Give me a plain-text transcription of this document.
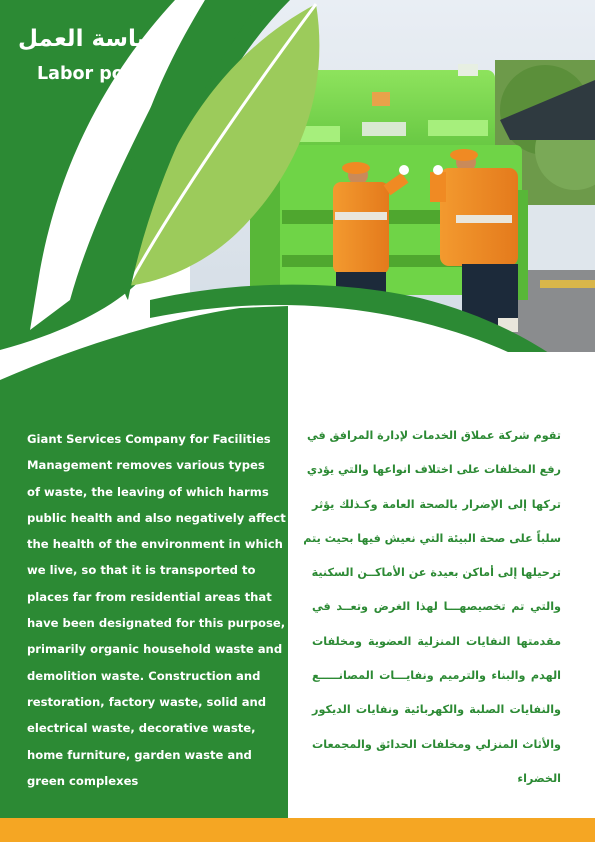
سياسة العمل
Labor policy
Giant Services Company for Facilities
Management removes various types
of waste, the leaving of which harms
public health and also negatively affect
the health of the environment in which
we live, so that it is transported to
places far from residential areas that
have been designated for this purpose,
primarily organic household waste and
demolition waste. Construction and
restoration, factory waste, solid and
electrical waste, decorative waste,
home furniture, garden waste and
green complexes
تقوم شركة عملاق الخدمات لإدارة المرافق في
رفع المخلفات على اختلاف انواعها والتي يؤدي
تركها إلى الإضرار بالصحة العامة وكـذلك يؤثر
سلباً على صحة البيئة التي نعيش فيها بحيث يتم
ترحيلها إلى أماكن بعيدة عن الأماكــن السكنية
والتي تم تخصيصهـــا لهذا الغرض وتعــد في
مقدمتها النفايات المنزلية العضوية ومخلفات
الهدم والبناء والترميم ونفايـــات المصانـــــع
والنفايات الصلبة والكهربائية ونفايات الديكور
والأثاث المنزلي ومخلفات الحدائق والمجمعات
الخضراء
